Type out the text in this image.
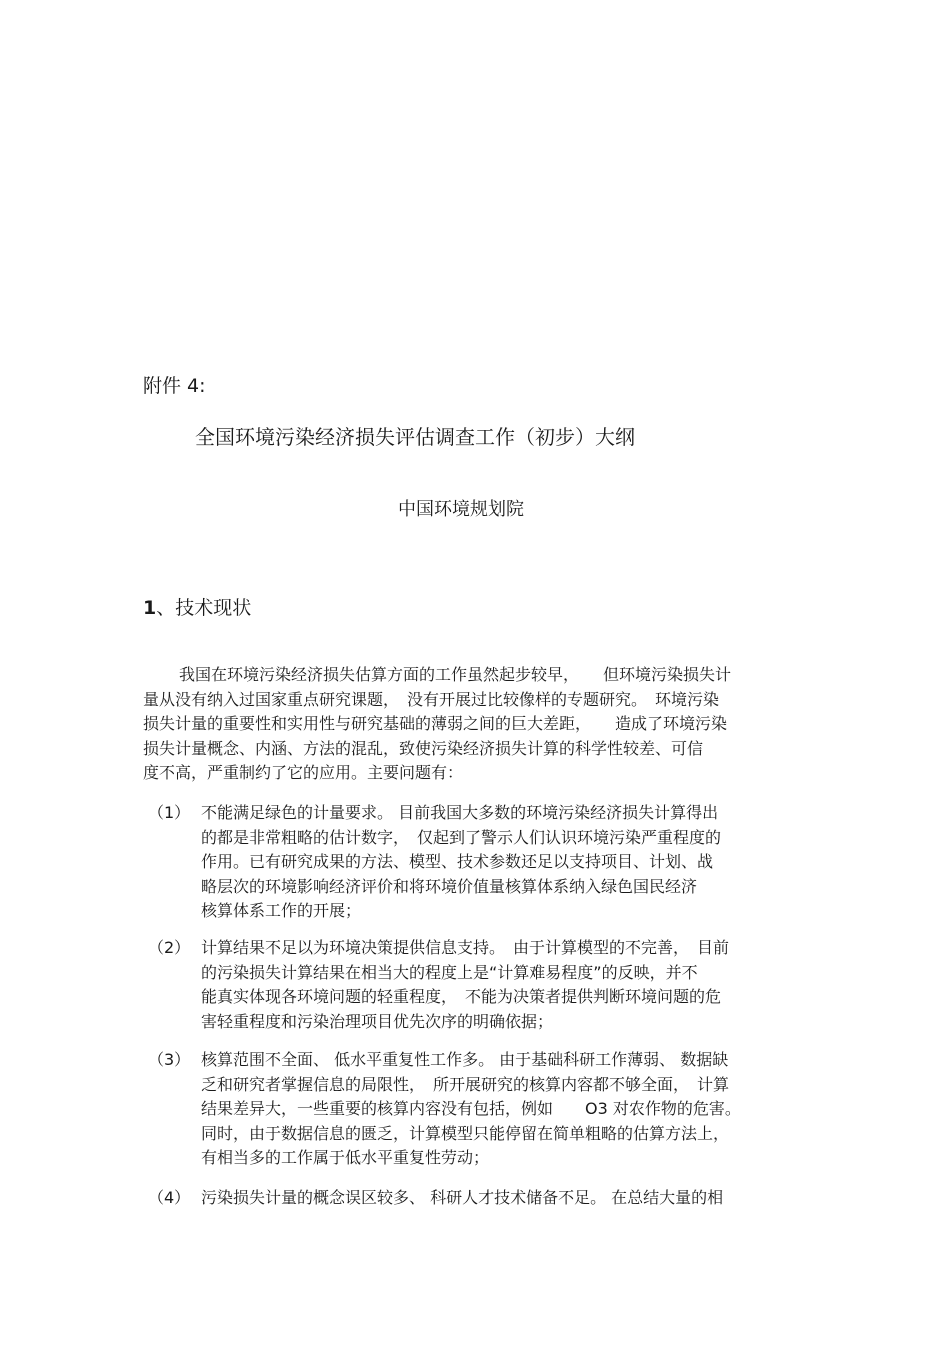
附件 4:
全国环境污染经济损失评估调查工作（初步）大纲
中国环境规划院
1、技术现状
我国在环境污染经济损失估算方面的工作虽然起步较早，　　但环境污染损失计
量从没有纳入过国家重点研究课题，　没有开展过比较像样的专题研究。　环境污染
损失计量的重要性和实用性与研究基础的薄弱之间的巨大差距，　　造成了环境污染
损失计量概念、内涵、方法的混乱，致使污染经济损失计算的科学性较差、可信
度不高，严重制约了它的应用。主要问题有：
（1） 不能满足绿色的计量要求。 目前我国大多数的环境污染经济损失计算得出
的都是非常粗略的估计数字，　仅起到了警示人们认识环境污染严重程度的
作用。已有研究成果的方法、模型、技术参数还足以支持项目、计划、战
略层次的环境影响经济评价和将环境价值量核算体系纳入绿色国民经济
核算体系工作的开展；
（2） 计算结果不足以为环境决策提供信息支持。　由于计算模型的不完善，　目前
的污染损失计算结果在相当大的程度上是“计算难易程度”的反映，并不
能真实体现各环境问题的轻重程度，　不能为决策者提供判断环境问题的危
害轻重程度和污染治理项目优先次序的明确依据；
（3） 核算范围不全面、 低水平重复性工作多。 由于基础科研工作薄弱、 数据缺
乏和研究者掌握信息的局限性，　所开展研究的核算内容都不够全面，　计算
结果差异大，一些重要的核算内容没有包括，例如　　O3 对农作物的危害。
同时，由于数据信息的匮乏，计算模型只能停留在简单粗略的估算方法上，
有相当多的工作属于低水平重复性劳动；
（4） 污染损失计量的概念误区较多、 科研人才技术储备不足。 在总结大量的相
